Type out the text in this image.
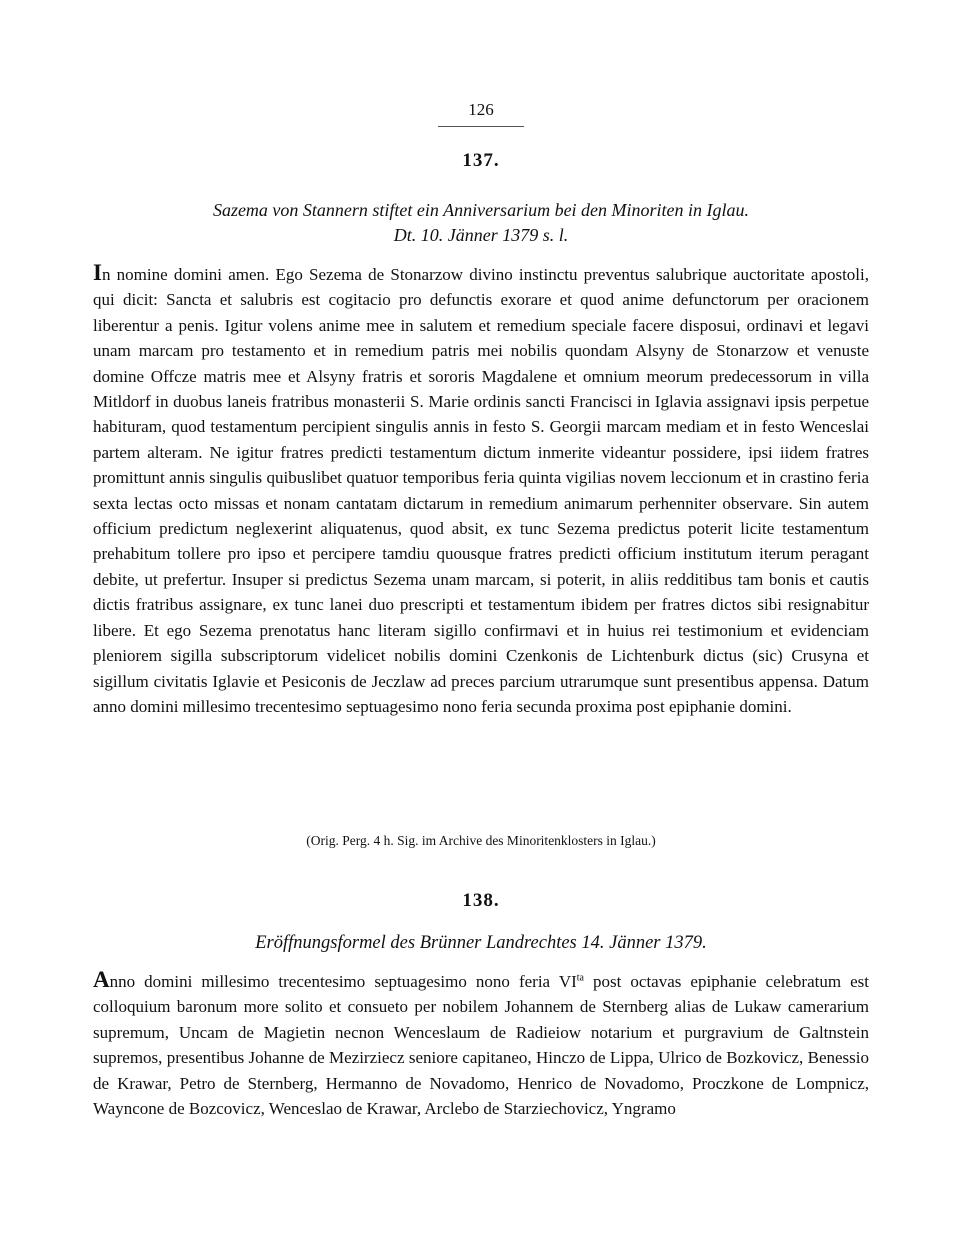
126
137.
Sazema von Stannern stiftet ein Anniversarium bei den Minoriten in Iglau.
Dt. 10. Jänner 1379 s. l.
In nomine domini amen. Ego Sezema de Stonarzow divino instinctu preventus salubrique auctoritate apostoli, qui dicit: Sancta et salubris est cogitacio pro defunctis exorare et quod anime defunctorum per oracionem liberentur a penis. Igitur volens anime mee in salutem et remedium speciale facere disposui, ordinavi et legavi unam marcam pro testamento et in remedium patris mei nobilis quondam Alsyny de Stonarzow et venuste domine Offcze matris mee et Alsyny fratris et sororis Magdalene et omnium meorum predecessorum in villa Mitldorf in duobus laneis fratribus monasterii S. Marie ordinis sancti Francisci in Iglavia assignavi ipsis perpetue habituram, quod testamentum percipient singulis annis in festo S. Georgii marcam mediam et in festo Wenceslai partem alteram. Ne igitur fratres predicti testamentum dictum inmerite videantur possidere, ipsi iidem fratres promittunt annis singulis quibuslibet quatuor temporibus feria quinta vigilias novem leccionum et in crastino feria sexta lectas octo missas et nonam cantatam dictarum in remedium animarum perhenniter observare. Sin autem officium predictum neglexerint aliquatenus, quod absit, ex tunc Sezema predictus poterit licite testamentum prehabitum tollere pro ipso et percipere tamdiu quousque fratres predicti officium institutum iterum peragant debite, ut prefertur. Insuper si predictus Sezema unam marcam, si poterit, in aliis redditibus tam bonis et cautis dictis fratribus assignare, ex tunc lanei duo prescripti et testamentum ibidem per fratres dictos sibi resignabitur libere. Et ego Sezema prenotatus hanc literam sigillo confirmavi et in huius rei testimonium et evidenciam pleniorem sigilla subscriptorum videlicet nobilis domini Czenkonis de Lichtenburk dictus (sic) Crusyna et sigillum civitatis Iglavie et Pesiconis de Jeczlaw ad preces parcium utrarumque sunt presentibus appensa. Datum anno domini millesimo trecentesimo septuagesimo nono feria secunda proxima post epiphanie domini.
(Orig. Perg. 4 h. Sig. im Archive des Minoritenklosters in Iglau.)
138.
Eröffnungsformel des Brünner Landrechtes 14. Jänner 1379.
Anno domini millesimo trecentesimo septuagesimo nono feria $VI^{ta}$ post octavas epiphanie celebratum est colloquium baronum more solito et consueto per nobilem Johannem de Sternberg alias de Lukaw camerarium supremum, Uncam de Magietin necnon Wenceslaum de Radieiow notarium et purgravium de Galtnstein supremos, presentibus Johanne de Mezirziecz seniore capitaneo, Hinczo de Lippa, Ulrico de Bozkovicz, Benessio de Krawar, Petro de Sternberg, Hermanno de Novadomo, Henrico de Novadomo, Proczkone de Lompnicz, Wayncone de Bozcovicz, Wenceslao de Krawar, Arclebo de Starziechovicz, Yngramo
